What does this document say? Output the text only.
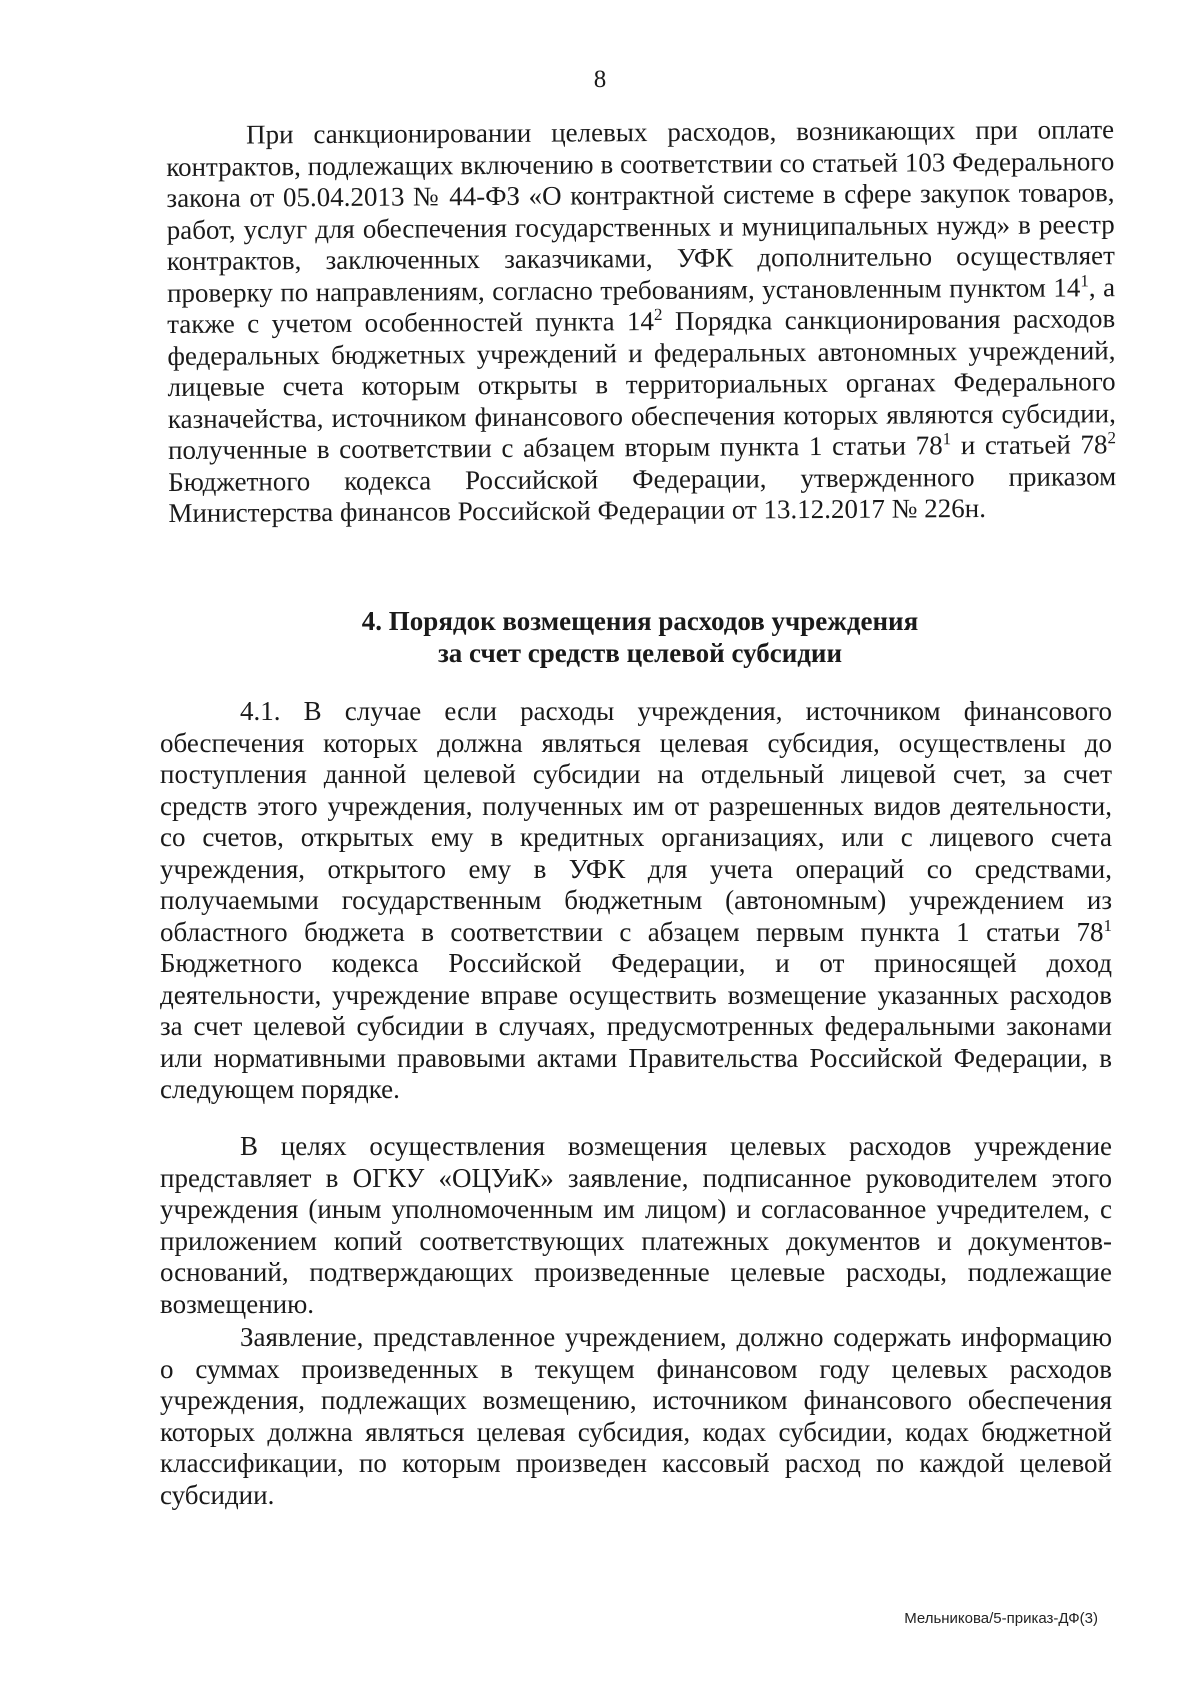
8

При санкционировании целевых расходов, возникающих при оплате контрактов, подлежащих включению в соответствии со статьей 103 Федерального закона от 05.04.2013 № 44-ФЗ «О контрактной системе в сфере закупок товаров, работ, услуг для обеспечения государственных и муниципальных нужд» в реестр контрактов, заключенных заказчиками, УФК дополнительно осуществляет проверку по направлениям, согласно требованиям, установленным пунктом $14^1$, а также с учетом особенностей пункта $14^2$ Порядка санкционирования расходов федеральных бюджетных учреждений и федеральных автономных учреждений, лицевые счета которым открыты в территориальных органах Федерального казначейства, источником финансового обеспечения которых являются субсидии, полученные в соответствии с абзацем вторым пункта 1 статьи $78^1$ и статьей $78^2$ Бюджетного кодекса Российской Федерации, утвержденного приказом Министерства финансов Российской Федерации от 13.12.2017 № 226н.

4. Порядок возмещения расходов учреждения
за счет средств целевой субсидии

4.1. В случае если расходы учреждения, источником финансового обеспечения которых должна являться целевая субсидия, осуществлены до поступления данной целевой субсидии на отдельный лицевой счет, за счет средств этого учреждения, полученных им от разрешенных видов деятельности, со счетов, открытых ему в кредитных организациях, или с лицевого счета учреждения, открытого ему в УФК для учета операций со средствами, получаемыми государственным бюджетным (автономным) учреждением из областного бюджета в соответствии с абзацем первым пункта 1 статьи $78^1$ Бюджетного кодекса Российской Федерации, и от приносящей доход деятельности, учреждение вправе осуществить возмещение указанных расходов за счет целевой субсидии в случаях, предусмотренных федеральными законами или нормативными правовыми актами Правительства Российской Федерации, в следующем порядке.

В целях осуществления возмещения целевых расходов учреждение представляет в ОГКУ «ОЦУиК» заявление, подписанное руководителем этого учреждения (иным уполномоченным им лицом) и согласованное учредителем, с приложением копий соответствующих платежных документов и документов-оснований, подтверждающих произведенные целевые расходы, подлежащие возмещению.

Заявление, представленное учреждением, должно содержать информацию о суммах произведенных в текущем финансовом году целевых расходов учреждения, подлежащих возмещению, источником финансового обеспечения которых должна являться целевая субсидия, кодах субсидии, кодах бюджетной классификации, по которым произведен кассовый расход по каждой целевой субсидии.

Мельникова/5-приказ-ДФ(3)
